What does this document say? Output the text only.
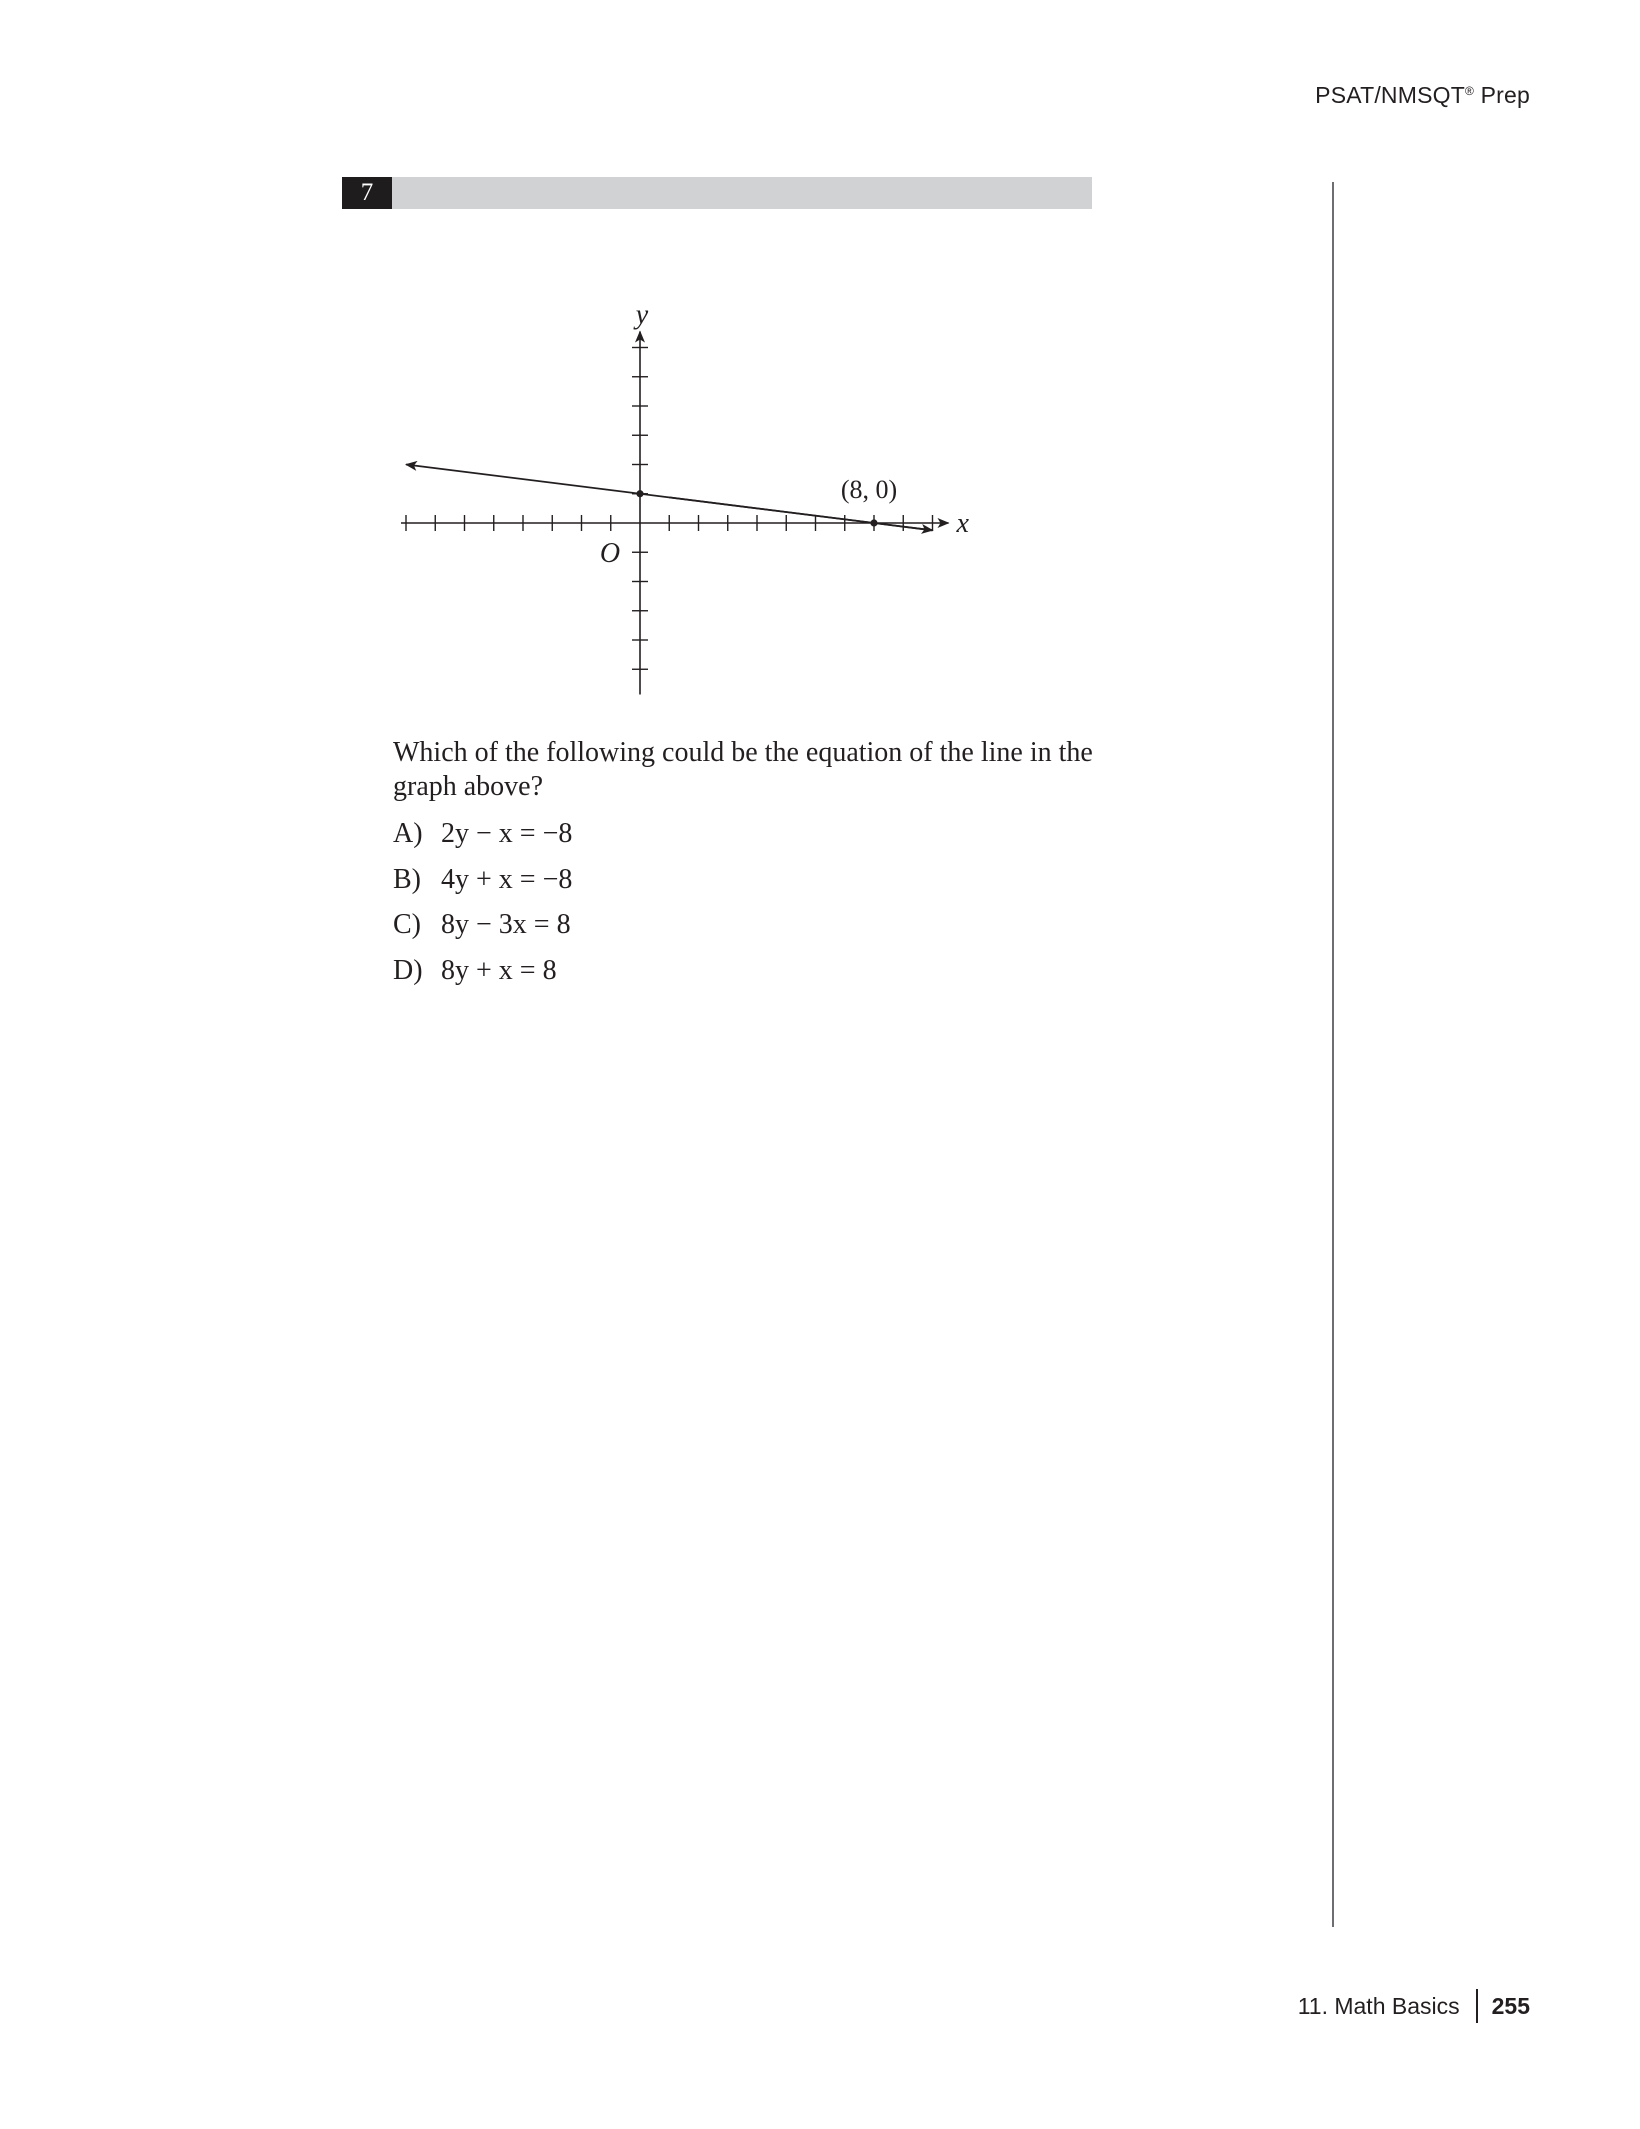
PSAT/NMSQT® Prep
7
x
y
O
(8, 0)
Which of the following could be the equation of the line in the graph above?
A) 2y − x = −8
B) 4y + x = −8
C) 8y − 3x = 8
D) 8y + x = 8
11. Math Basics 255
